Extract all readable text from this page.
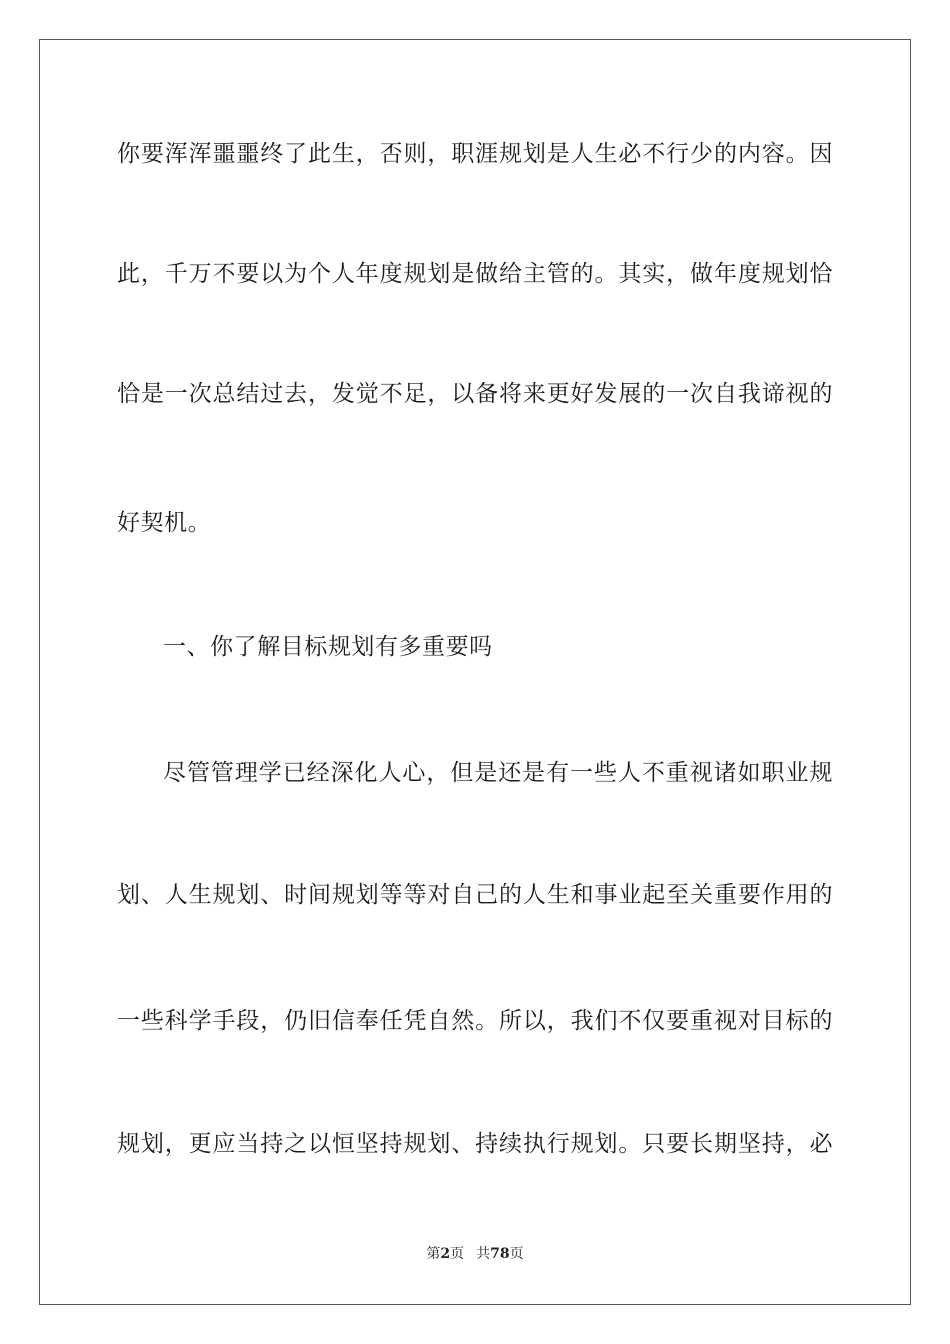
你要浑浑噩噩终了此生，否则，职涯规划是人生必不行少的内容。因
此，千万不要以为个人年度规划是做给主管的。其实，做年度规划恰
恰是一次总结过去，发觉不足，以备将来更好发展的一次自我谛视的
好契机。
一、你了解目标规划有多重要吗
尽管管理学已经深化人心，但是还是有一些人不重视诸如职业规
划、人生规划、时间规划等等对自己的人生和事业起至关重要作用的
一些科学手段，仍旧信奉任凭自然。所以，我们不仅要重视对目标的
规划，更应当持之以恒坚持规划、持续执行规划。只要长期坚持，必
第2页 共78页
